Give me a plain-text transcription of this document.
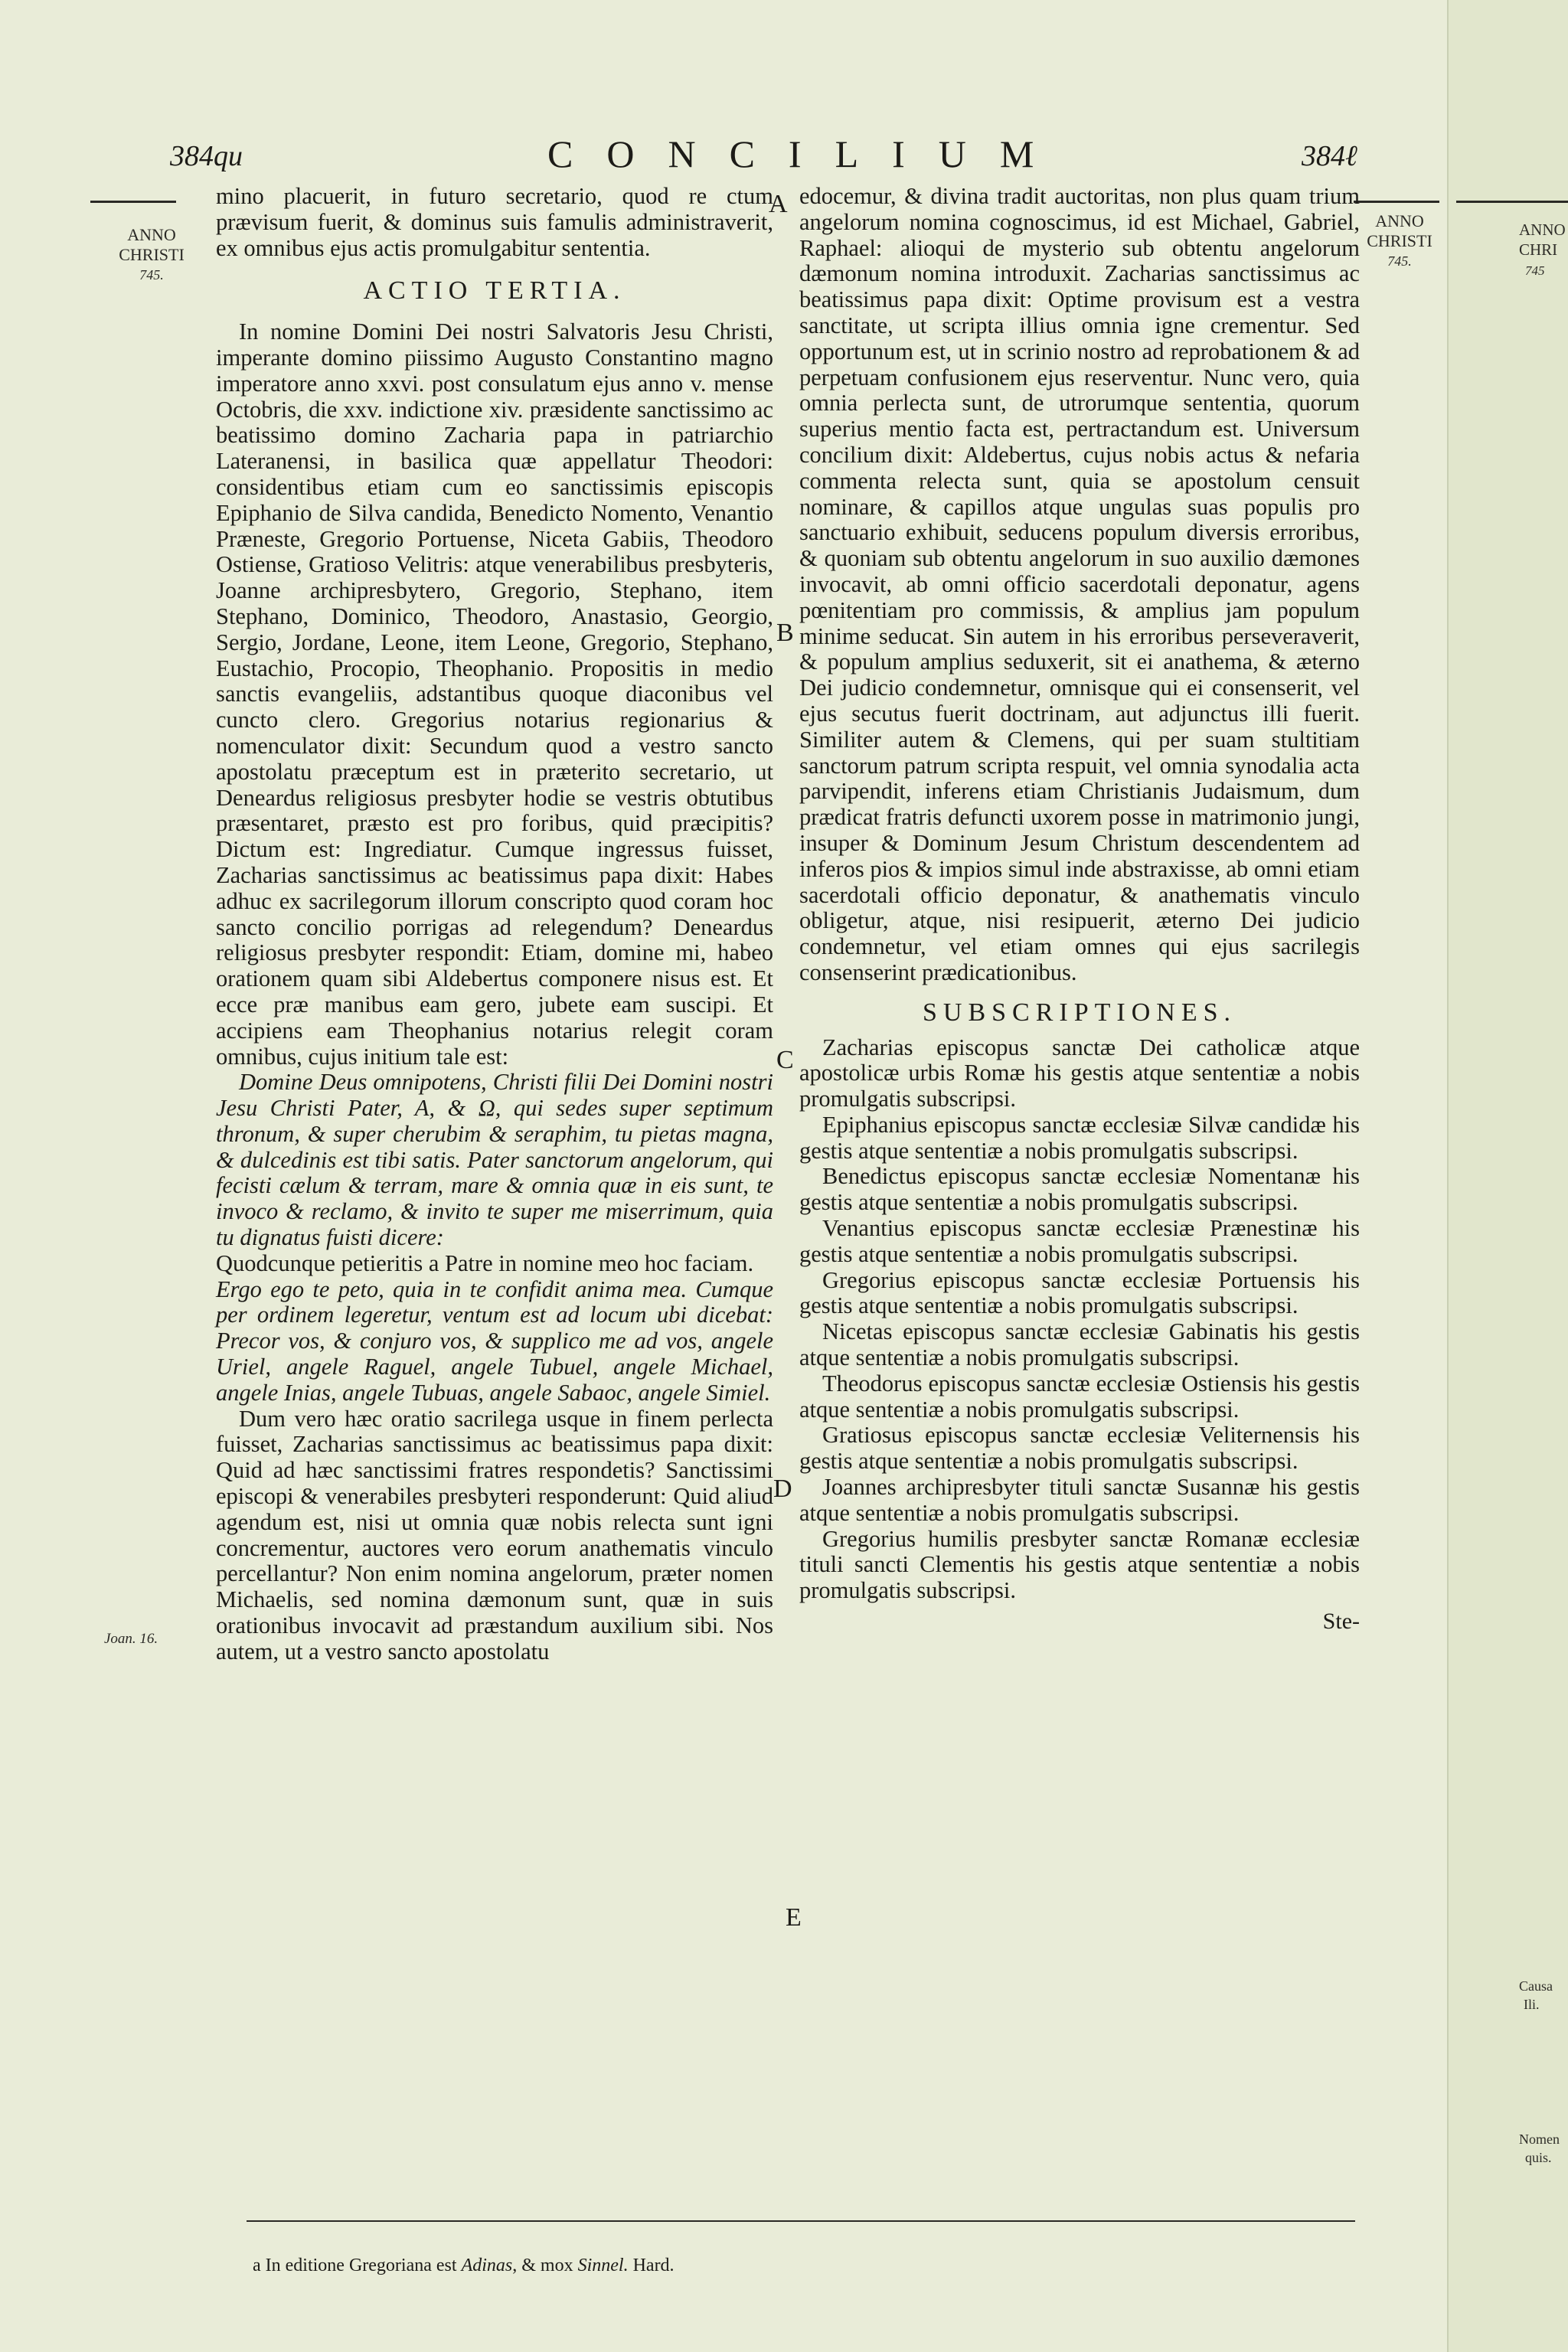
384qu	CONCILIUM	384ℓ
ANNO
CHRISTI
745.
ANNO
CHRISTI
745.
Joan. 16.

mino placuerit, in futuro secretario, quod re ctum prævisum fuerit, & dominus suis famulis administraverit, ex omnibus ejus actis promulgabitur sententia.

ACTIO TERTIA.

In nomine Domini Dei nostri Salvatoris Jesu Christi, imperante domino piissimo Augusto Constantino magno imperatore anno xxvi. post consulatum ejus anno v. mense Octobris, die xxv. indictione xiv. præsidente sanctissimo ac beatissimo domino Zacharia papa in patriarchio Lateranensi, in basilica quæ appellatur Theodori: considentibus etiam cum eo sanctissimis episcopis Epiphanio de Silva candida, Benedicto Nomento, Venantio Præneste, Gregorio Portuense, Niceta Gabiis, Theodoro Ostiense, Gratioso Velitris: atque venerabilibus presbyteris, Joanne archipresbytero, Gregorio, Stephano, item Stephano, Dominico, Theodoro, Anastasio, Georgio, Sergio, Jordane, Leone, item Leone, Gregorio, Stephano, Eustachio, Procopio, Theophanio. Propositis in medio sanctis evangeliis, adstantibus quoque diaconibus vel cuncto clero. Gregorius notarius regionarius & nomenculator dixit: Secundum quod a vestro sancto apostolatu præceptum est in præterito secretario, ut Deneardus religiosus presbyter hodie se vestris obtutibus præsentaret, præsto est pro foribus, quid præcipitis? Dictum est: Ingrediatur. Cumque ingressus fuisset, Zacharias sanctissimus ac beatissimus papa dixit: Habes adhuc ex sacrilegorum illorum conscripto quod coram hoc sancto concilio porrigas ad relegendum? Deneardus religiosus presbyter respondit: Etiam, domine mi, habeo orationem quam sibi Aldebertus componere nisus est. Et ecce præ manibus eam gero, jubete eam suscipi. Et accipiens eam Theophanius notarius relegit coram omnibus, cujus initium tale est:

Domine Deus omnipotens, Christi filii Dei Domini nostri Jesu Christi Pater, A, & Ω, qui sedes super septimum thronum, & super cherubim & seraphim, tu pietas magna, & dulcedinis est tibi satis. Pater sanctorum angelorum, qui fecisti cælum & terram, mare & omnia quæ in eis sunt, te invoco & reclamo, & invito te super me miserrimum, quia tu dignatus fuisti dicere:

Quodcunque petieritis a Patre in nomine meo hoc faciam.

Ergo ego te peto, quia in te confidit anima mea. Cumque per ordinem legeretur, ventum est ad locum ubi dicebat: Precor vos, & conjuro vos, & supplico me ad vos, angele Uriel, angele Raguel, angele Tubuel, angele Michael, angele Inias, angele Tubuas, angele Sabaoc, angele Simiel.

Dum vero hæc oratio sacrilega usque in finem perlecta fuisset, Zacharias sanctissimus ac beatissimus papa dixit: Quid ad hæc sanctissimi fratres respondetis? Sanctissimi episcopi & venerabiles presbyteri responderunt: Quid aliud agendum est, nisi ut omnia quæ nobis relecta sunt igni concrementur, auctores vero eorum anathematis vinculo percellantur? Non enim nomina angelorum, præter nomen Michaelis, sed nomina dæmonum sunt, quæ in suis orationibus invocavit ad præstandum auxilium sibi. Nos autem, ut a vestro sancto apostolatu

A
B
C
D
E

edocemur, & divina tradit auctoritas, non plus quam trium angelorum nomina cognoscimus, id est Michael, Gabriel, Raphael: alioqui de mysterio sub obtentu angelorum dæmonum nomina introduxit. Zacharias sanctissimus ac beatissimus papa dixit: Optime provisum est a vestra sanctitate, ut scripta illius omnia igne crementur. Sed opportunum est, ut in scrinio nostro ad reprobationem & ad perpetuam confusionem ejus reserventur. Nunc vero, quia omnia perlecta sunt, de utrorumque sententia, quorum superius mentio facta est, pertractandum est. Universum concilium dixit: Aldebertus, cujus nobis actus & nefaria commenta relecta sunt, quia se apostolum censuit nominare, & capillos atque ungulas suas populis pro sanctuario exhibuit, seducens populum diversis erroribus, & quoniam sub obtentu angelorum in suo auxilio dæmones invocavit, ab omni officio sacerdotali deponatur, agens pœnitentiam pro commissis, & amplius jam populum minime seducat. Sin autem in his erroribus perseveraverit, & populum amplius seduxerit, sit ei anathema, & æterno Dei judicio condemnetur, omnisque qui ei consenserit, vel ejus secutus fuerit doctrinam, aut adjunctus illi fuerit. Similiter autem & Clemens, qui per suam stultitiam sanctorum patrum scripta respuit, vel omnia synodalia acta parvipendit, inferens etiam Christianis Judaismum, dum prædicat fratris defuncti uxorem posse in matrimonio jungi, insuper & Dominum Jesum Christum descendentem ad inferos pios & impios simul inde abstraxisse, ab omni etiam sacerdotali officio deponatur, & anathematis vinculo obligetur, atque, nisi resipuerit, æterno Dei judicio condemnetur, vel etiam omnes qui ejus sacrilegis consenserint prædicationibus.

SUBSCRIPTIONES.

Zacharias episcopus sanctæ Dei catholicæ atque apostolicæ urbis Romæ his gestis atque sententiæ a nobis promulgatis subscripsi.

Epiphanius episcopus sanctæ ecclesiæ Silvæ candidæ his gestis atque sententiæ a nobis promulgatis subscripsi.

Benedictus episcopus sanctæ ecclesiæ Nomentanæ his gestis atque sententiæ a nobis promulgatis subscripsi.

Venantius episcopus sanctæ ecclesiæ Prænestinæ his gestis atque sententiæ a nobis promulgatis subscripsi.

Gregorius episcopus sanctæ ecclesiæ Portuensis his gestis atque sententiæ a nobis promulgatis subscripsi.

Nicetas episcopus sanctæ ecclesiæ Gabinatis his gestis atque sententiæ a nobis promulgatis subscripsi.

Theodorus episcopus sanctæ ecclesiæ Ostiensis his gestis atque sententiæ a nobis promulgatis subscripsi.

Gratiosus episcopus sanctæ ecclesiæ Veliternensis his gestis atque sententiæ a nobis promulgatis subscripsi.

Joannes archipresbyter tituli sanctæ Susannæ his gestis atque sententiæ a nobis promulgatis subscripsi.

Gregorius humilis presbyter sanctæ Romanæ ecclesiæ tituli sancti Clementis his gestis atque sententiæ a nobis promulgatis subscripsi.

Ste-

a In editione Gregoriana est Adinas, & mox Sinnel. Hard.
ANNO
CHRI
745
Causa
Ili.
Nomen
quis.
